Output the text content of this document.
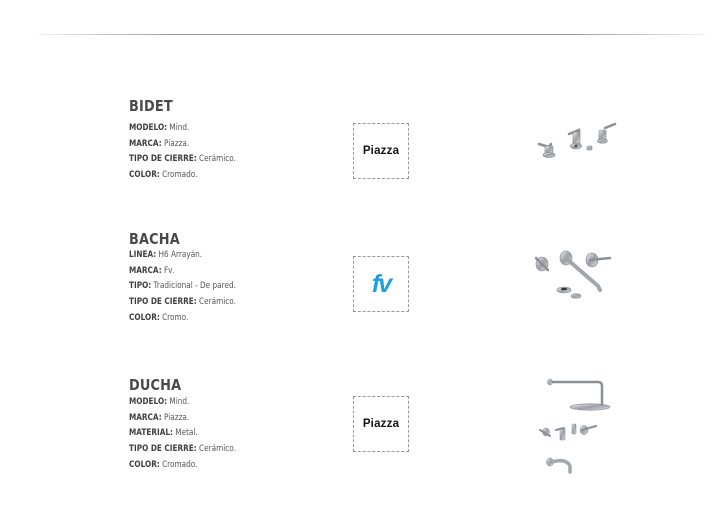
BIDET
MODELO: Mind.
MARCA: Piazza.
TIPO DE CIERRE: Cerámico.
COLOR: Cromado.
Piazza
BACHA
LINEA: H6 Arrayán.
MARCA: Fv.
TIPO: Tradicional - De pared.
TIPO DE CIERRE: Cerámico.
COLOR: Cromo.
fv
DUCHA
MODELO: Mind.
MARCA: Piazza.
MATERIAL: Metal.
TIPO DE CIERRE: Cerámico.
COLOR: Cromado.
Piazza
